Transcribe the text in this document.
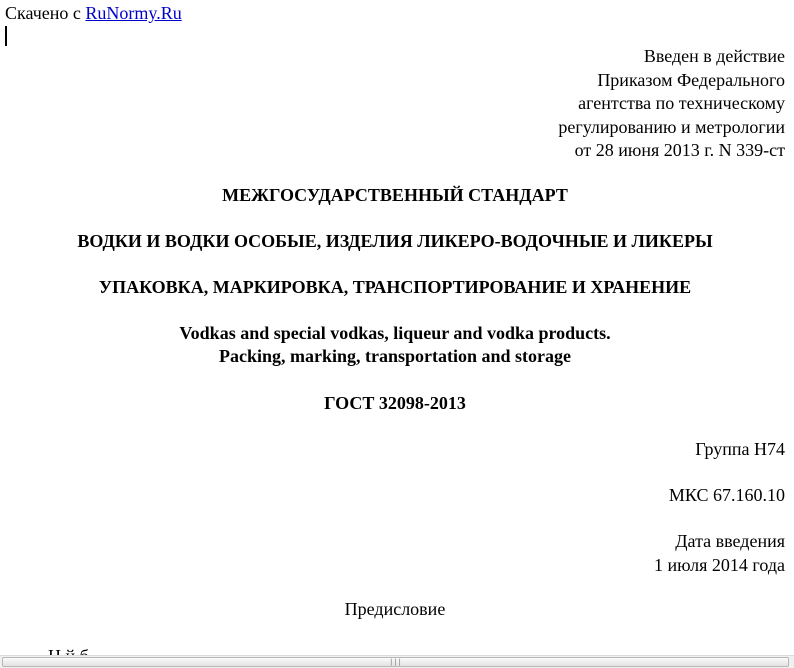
Скачено с RuNormy.Ru
Введен в действие
Приказом Федерального
агентства по техническому
регулированию и метрологии
от 28 июня 2013 г. N 339-ст
МЕЖГОСУДАРСТВЕННЫЙ СТАНДАРТ
ВОДКИ И ВОДКИ ОСОБЫЕ, ИЗДЕЛИЯ ЛИКЕРО-ВОДОЧНЫЕ И ЛИКЕРЫ
УПАКОВКА, МАРКИРОВКА, ТРАНСПОРТИРОВАНИЕ И ХРАНЕНИЕ
Vodkas and special vodkas, liqueur and vodka products.
Packing, marking, transportation and storage
ГОСТ 32098-2013
Группа Н74
МКС 67.160.10
Дата введения
1 июля 2014 года
Предисловие
|||
